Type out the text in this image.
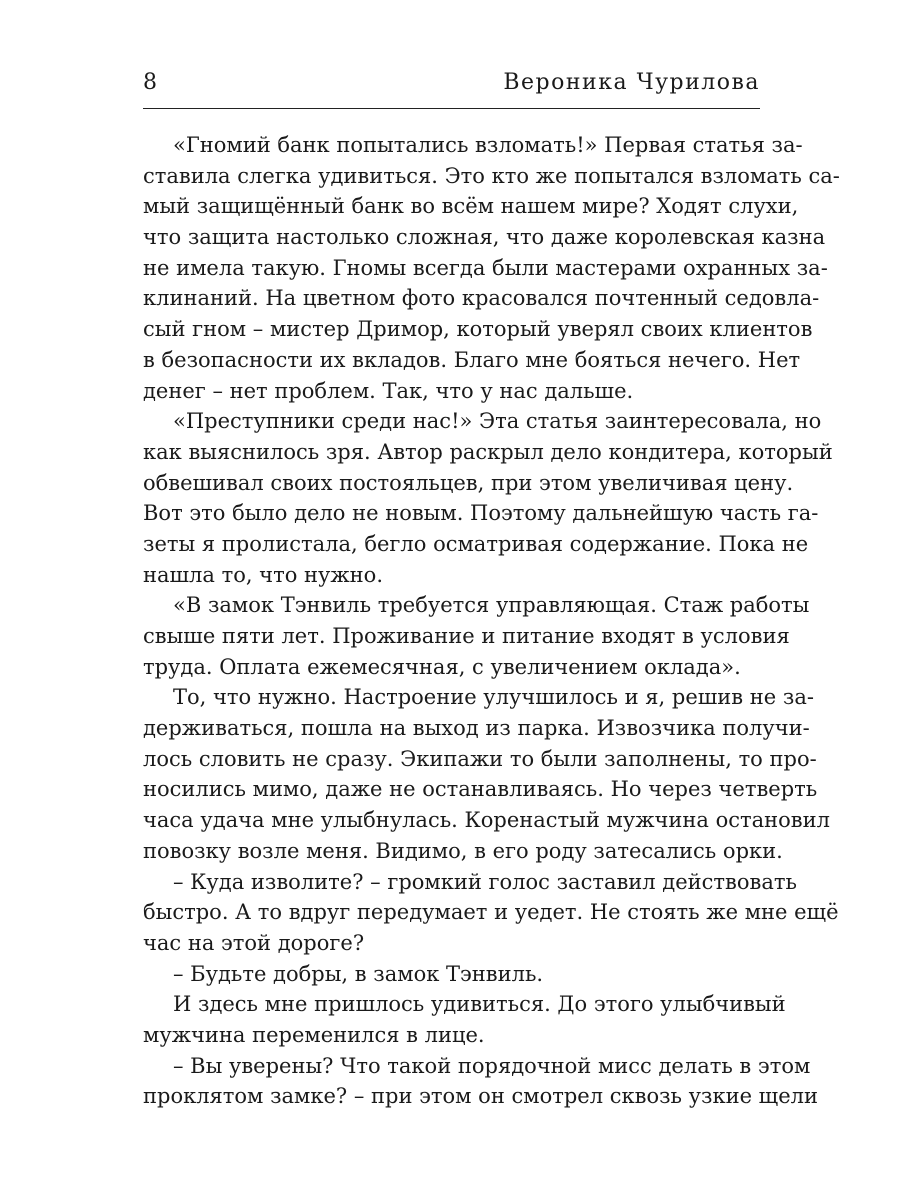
8	Вероника Чурилова
«Гномий банк попытались взломать!» Первая статья за-
ставила слегка удивиться. Это кто же попытался взломать са-
мый защищённый банк во всём нашем мире? Ходят слухи,
что защита настолько сложная, что даже королевская казна
не имела такую. Гномы всегда были мастерами охранных за-
клинаний. На цветном фото красовался почтенный седовла-
сый гном – мистер Дримор, который уверял своих клиентов
в безопасности их вкладов. Благо мне бояться нечего. Нет
денег – нет проблем. Так, что у нас дальше.
«Преступники среди нас!» Эта статья заинтересовала, но
как выяснилось зря. Автор раскрыл дело кондитера, который
обвешивал своих постояльцев, при этом увеличивая цену.
Вот это было дело не новым. Поэтому дальнейшую часть га-
зеты я пролистала, бегло осматривая содержание. Пока не
нашла то, что нужно.
«В замок Тэнвиль требуется управляющая. Стаж работы
свыше пяти лет. Проживание и питание входят в условия
труда. Оплата ежемесячная, с увеличением оклада».
То, что нужно. Настроение улучшилось и я, решив не за-
держиваться, пошла на выход из парка. Извозчика получи-
лось словить не сразу. Экипажи то были заполнены, то про-
носились мимо, даже не останавливаясь. Но через четверть
часа удача мне улыбнулась. Коренастый мужчина остановил
повозку возле меня. Видимо, в его роду затесались орки.
– Куда изволите? – громкий голос заставил действовать
быстро. А то вдруг передумает и уедет. Не стоять же мне ещё
час на этой дороге?
– Будьте добры, в замок Тэнвиль.
И здесь мне пришлось удивиться. До этого улыбчивый
мужчина переменился в лице.
– Вы уверены? Что такой порядочной мисс делать в этом
проклятом замке? – при этом он смотрел сквозь узкие щели
